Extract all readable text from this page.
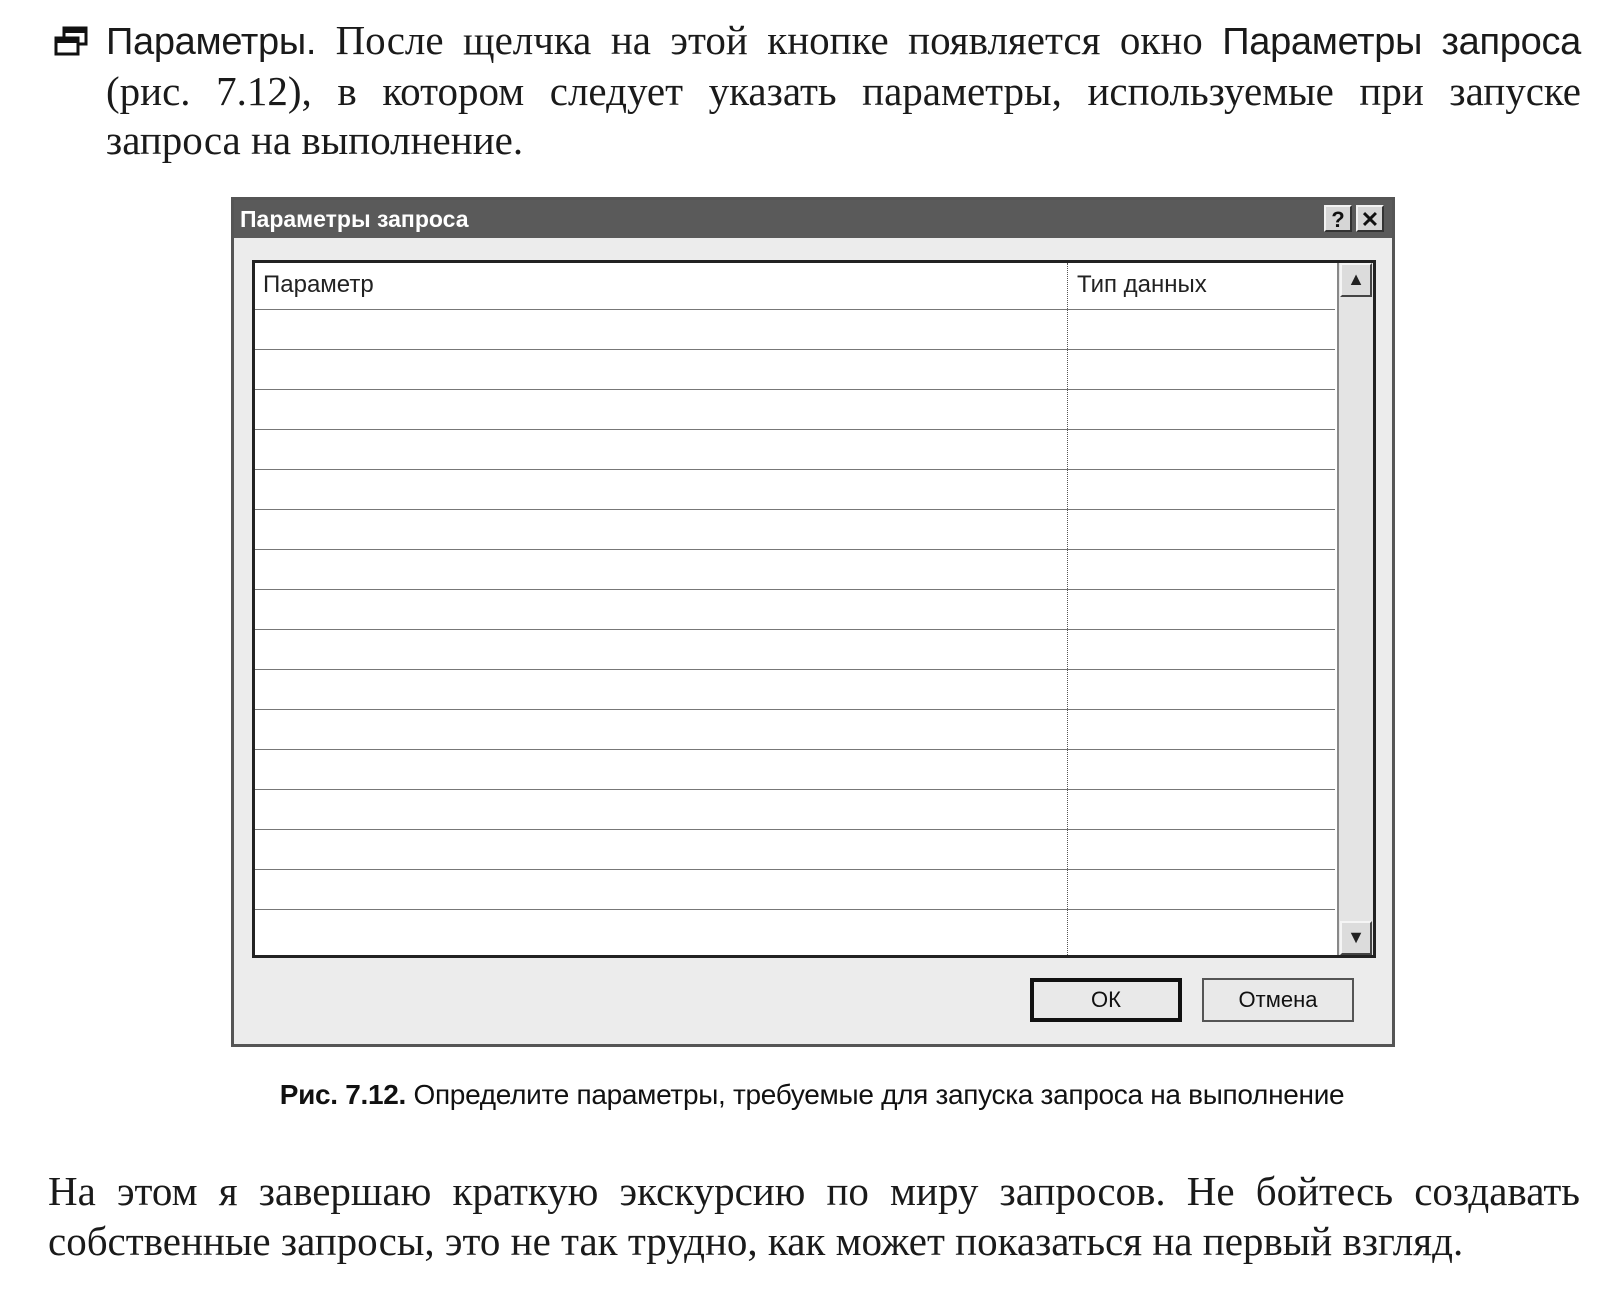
Параметры. После щелчка на этой кнопке появляется окно Параметры запроса (рис. 7.12), в котором следует указать параметры, используемые при запуске запроса на выполнение.

Параметры запроса	? ✕
Параметр	Тип данных	▲
▼
ОК	Отмена
Рис. 7.12. Определите параметры, требуемые для запуска запроса на выполнение

На этом я завершаю краткую экскурсию по миру запросов. Не бойтесь создавать собственные запросы, это не так трудно, как может показаться на первый взгляд.
